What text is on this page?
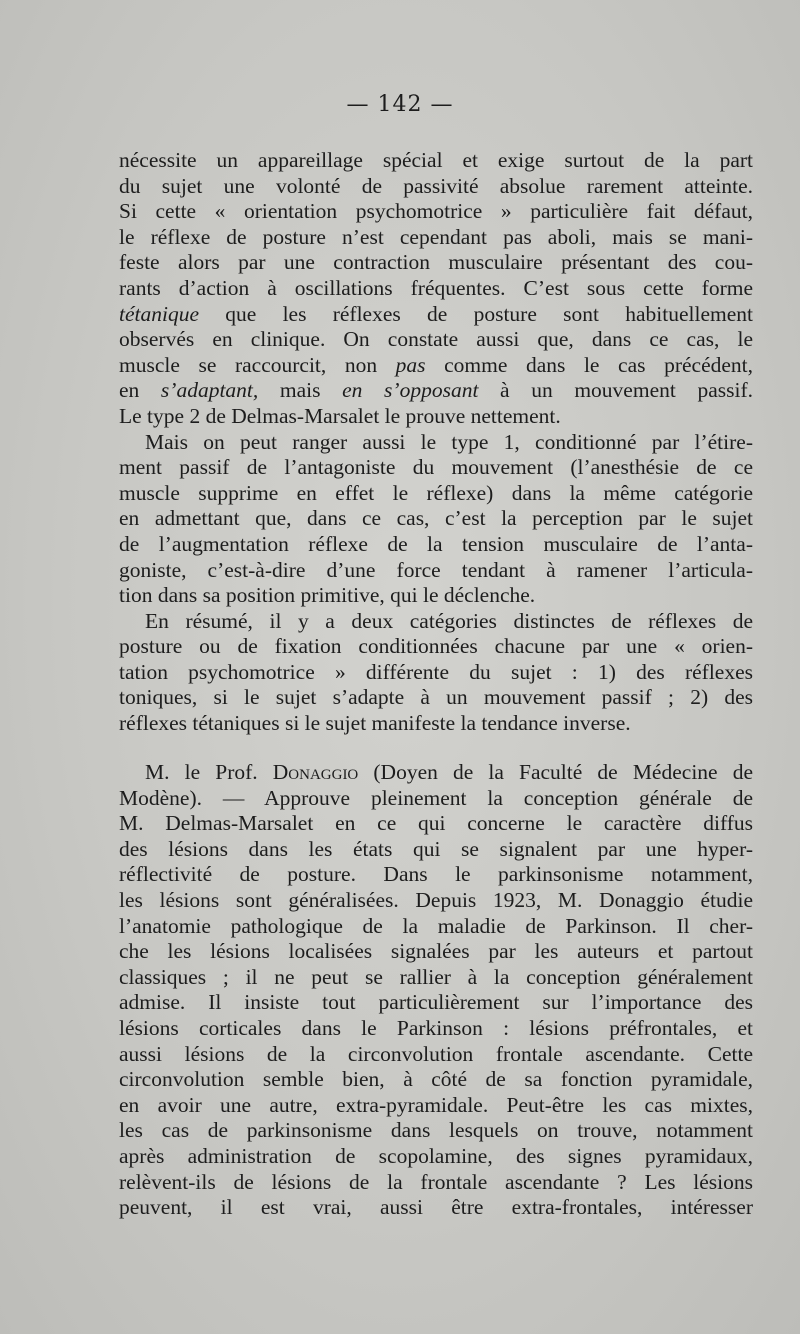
— 142 —
nécessite un appareillage spécial et exige surtout de la part
du sujet une volonté de passivité absolue rarement atteinte.
Si cette « orientation psychomotrice » particulière fait défaut,
le réflexe de posture n’est cependant pas aboli, mais se mani-
feste alors par une contraction musculaire présentant des cou-
rants d’action à oscillations fréquentes. C’est sous cette forme
tétanique que les réflexes de posture sont habituellement
observés en clinique. On constate aussi que, dans ce cas, le
muscle se raccourcit, non pas comme dans le cas précédent,
en s’adaptant, mais en s’opposant à un mouvement passif.
Le type 2 de Delmas-Marsalet le prouve nettement.
Mais on peut ranger aussi le type 1, conditionné par l’étire-
ment passif de l’antagoniste du mouvement (l’anesthésie de ce
muscle supprime en effet le réflexe) dans la même catégorie
en admettant que, dans ce cas, c’est la perception par le sujet
de l’augmentation réflexe de la tension musculaire de l’anta-
goniste, c’est-à-dire d’une force tendant à ramener l’articula-
tion dans sa position primitive, qui le déclenche.
En résumé, il y a deux catégories distinctes de réflexes de
posture ou de fixation conditionnées chacune par une « orien-
tation psychomotrice » différente du sujet : 1) des réflexes
toniques, si le sujet s’adapte à un mouvement passif ; 2) des
réflexes tétaniques si le sujet manifeste la tendance inverse.
M. le Prof. Donaggio (Doyen de la Faculté de Médecine de
Modène). — Approuve pleinement la conception générale de
M. Delmas-Marsalet en ce qui concerne le caractère diffus
des lésions dans les états qui se signalent par une hyper-
réflectivité de posture. Dans le parkinsonisme notamment,
les lésions sont généralisées. Depuis 1923, M. Donaggio étudie
l’anatomie pathologique de la maladie de Parkinson. Il cher-
che les lésions localisées signalées par les auteurs et partout
classiques ; il ne peut se rallier à la conception généralement
admise. Il insiste tout particulièrement sur l’importance des
lésions corticales dans le Parkinson : lésions préfrontales, et
aussi lésions de la circonvolution frontale ascendante. Cette
circonvolution semble bien, à côté de sa fonction pyramidale,
en avoir une autre, extra-pyramidale. Peut-être les cas mixtes,
les cas de parkinsonisme dans lesquels on trouve, notamment
après administration de scopolamine, des signes pyramidaux,
relèvent-ils de lésions de la frontale ascendante ? Les lésions
peuvent, il est vrai, aussi être extra-frontales, intéresser
